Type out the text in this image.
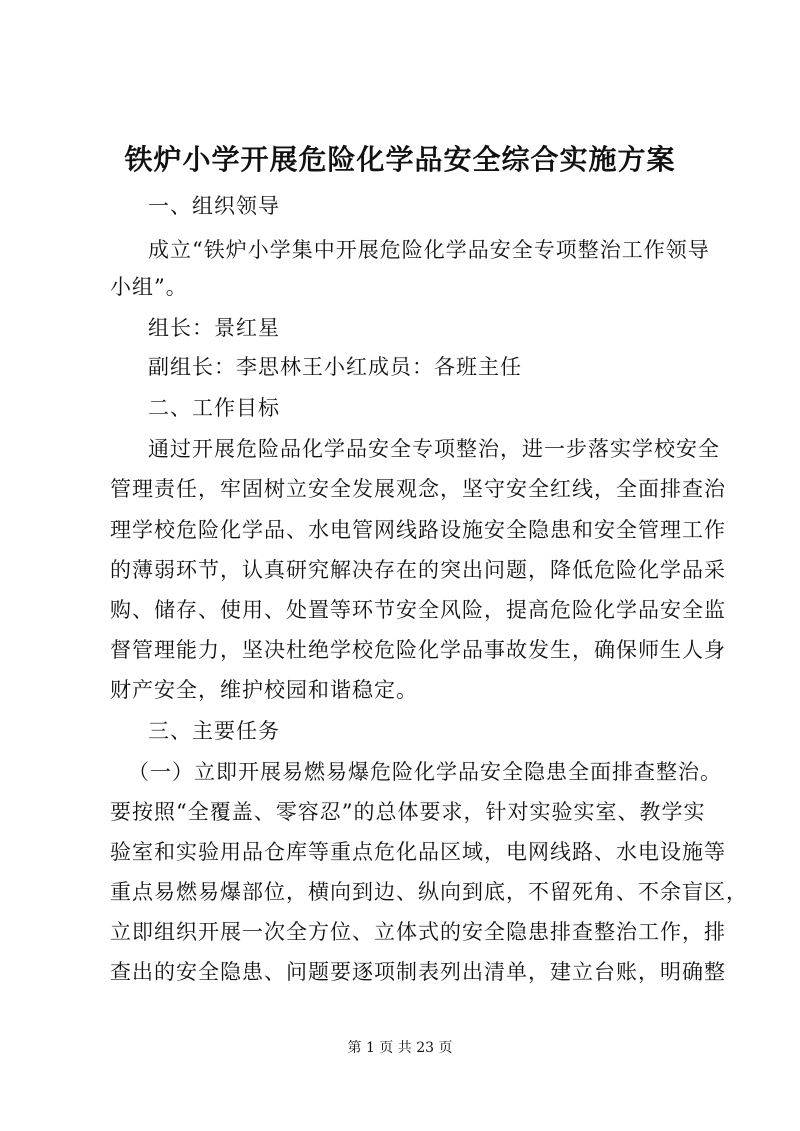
铁炉小学开展危险化学品安全综合实施方案
一、组织领导
成立“铁炉小学集中开展危险化学品安全专项整治工作领导
小组”。
组长：景红星
副组长：李思林王小红成员：各班主任
二、工作目标
通过开展危险品化学品安全专项整治，进一步落实学校安全
管理责任，牢固树立安全发展观念，坚守安全红线，全面排查治
理学校危险化学品、水电管网线路设施安全隐患和安全管理工作
的薄弱环节，认真研究解决存在的突出问题，降低危险化学品采
购、储存、使用、处置等环节安全风险，提高危险化学品安全监
督管理能力，坚决杜绝学校危险化学品事故发生，确保师生人身
财产安全，维护校园和谐稳定。
三、主要任务
（一）立即开展易燃易爆危险化学品安全隐患全面排查整治。
要按照“全覆盖、零容忍”的总体要求，针对实验实室、教学实
验室和实验用品仓库等重点危化品区域，电网线路、水电设施等
重点易燃易爆部位，横向到边、纵向到底，不留死角、不余盲区，
立即组织开展一次全方位、立体式的安全隐患排查整治工作，排
查出的安全隐患、问题要逐项制表列出清单，建立台账，明确整
第 1 页 共 23 页
